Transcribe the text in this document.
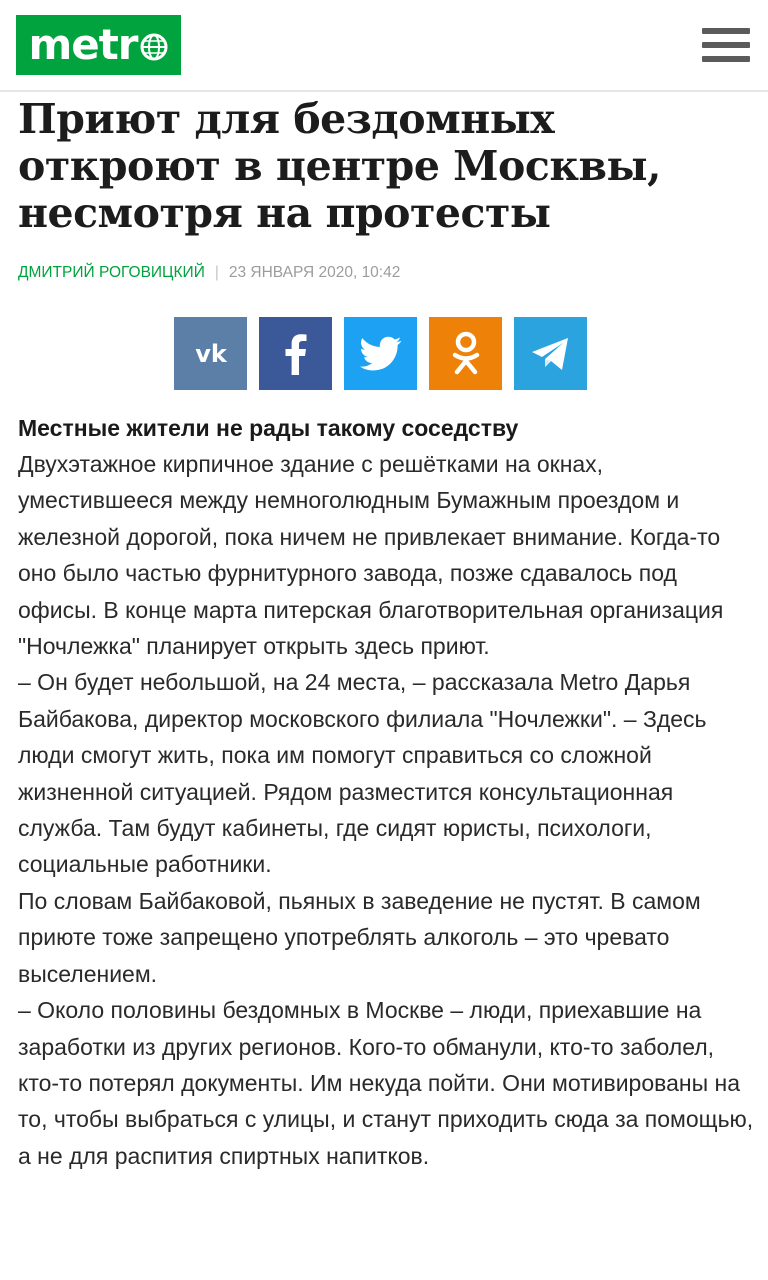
metr
Приют для бездомных откроют в центре Москвы, несмотря на протесты
ДМИТРИЙ РОГОВИЦКИЙ | 23 ЯНВАРЯ 2020, 10:42
vk
Местные жители не рады такому соседству

Двухэтажное кирпичное здание с решётками на окнах, уместившееся между немноголюдным Бумажным проездом и железной дорогой, пока ничем не привлекает внимание. Когда-то оно было частью фурнитурного завода, позже сдавалось под офисы. В конце марта питерская благотворительная организация "Ночлежка" планирует открыть здесь приют.

– Он будет небольшой, на 24 места, – рассказала Metro Дарья Байбакова, директор московского филиала "Ночлежки". – Здесь люди смогут жить, пока им помогут справиться со сложной жизненной ситуацией. Рядом разместится консультационная служба. Там будут кабинеты, где сидят юристы, психологи, социальные работники.

По словам Байбаковой, пьяных в заведение не пустят. В самом приюте тоже запрещено употреблять алкоголь – это чревато выселением.

– Около половины бездомных в Москве – люди, приехавшие на заработки из других регионов. Кого-то обманули, кто-то заболел, кто-то потерял документы. Им некуда пойти. Они мотивированы на то, чтобы выбраться с улицы, и станут приходить сюда за помощью, а не для распития спиртных напитков.
